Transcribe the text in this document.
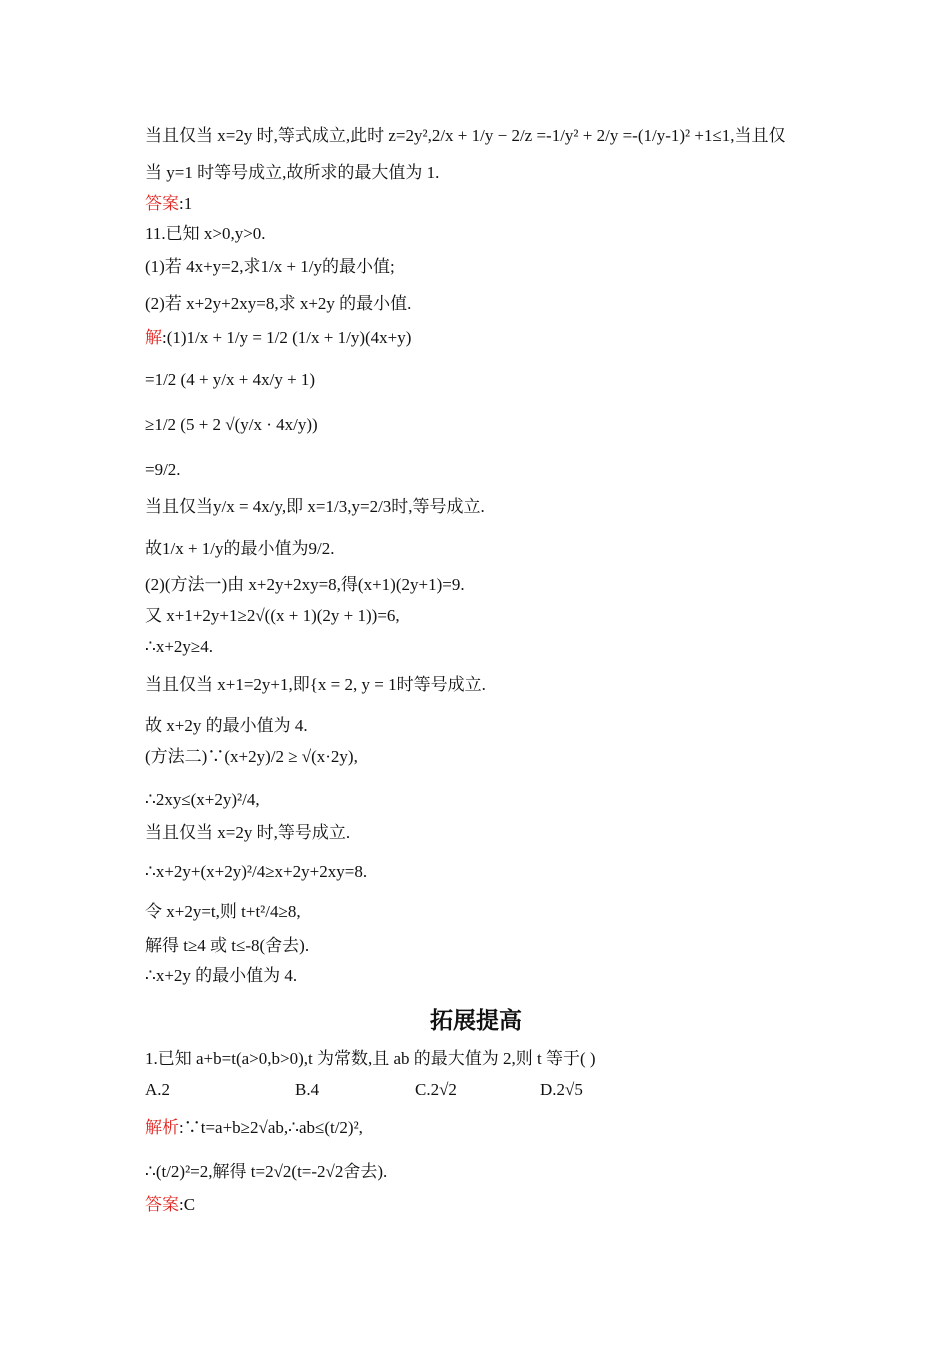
当且仅当 x=2y 时,等式成立,此时 z=2y²,2/x + 1/y − 2/z =-1/y² + 2/y =-(1/y-1)² +1≤1,当且仅
当 y=1 时等号成立,故所求的最大值为 1.
答案:1
11.已知 x>0,y>0.
(1)若 4x+y=2,求1/x + 1/y的最小值;
(2)若 x+2y+2xy=8,求 x+2y 的最小值.
解:(1)1/x + 1/y = 1/2 (1/x + 1/y)(4x+y)
=1/2 (4 + y/x + 4x/y + 1)
≥1/2 (5 + 2 √(y/x · 4x/y))
=9/2.
当且仅当y/x = 4x/y,即 x=1/3,y=2/3时,等号成立.
故1/x + 1/y的最小值为9/2.
(2)(方法一)由 x+2y+2xy=8,得(x+1)(2y+1)=9.
又 x+1+2y+1≥2√((x + 1)(2y + 1))=6,
∴x+2y≥4.
当且仅当 x+1=2y+1,即{x = 2, y = 1时等号成立.
故 x+2y 的最小值为 4.
(方法二)∵(x+2y)/2 ≥ √(x·2y),
∴2xy≤(x+2y)²/4,
当且仅当 x=2y 时,等号成立.
∴x+2y+(x+2y)²/4≥x+2y+2xy=8.
令 x+2y=t,则 t+t²/4≥8,
解得 t≥4 或 t≤-8(舍去).
∴x+2y 的最小值为 4.
拓展提高
1.已知 a+b=t(a>0,b>0),t 为常数,且 ab 的最大值为 2,则 t 等于( )
A.2	B.4	C.2√2	D.2√5
解析:∵t=a+b≥2√ab,∴ab≤(t/2)²,
∴(t/2)²=2,解得 t=2√2(t=-2√2舍去).
答案:C
